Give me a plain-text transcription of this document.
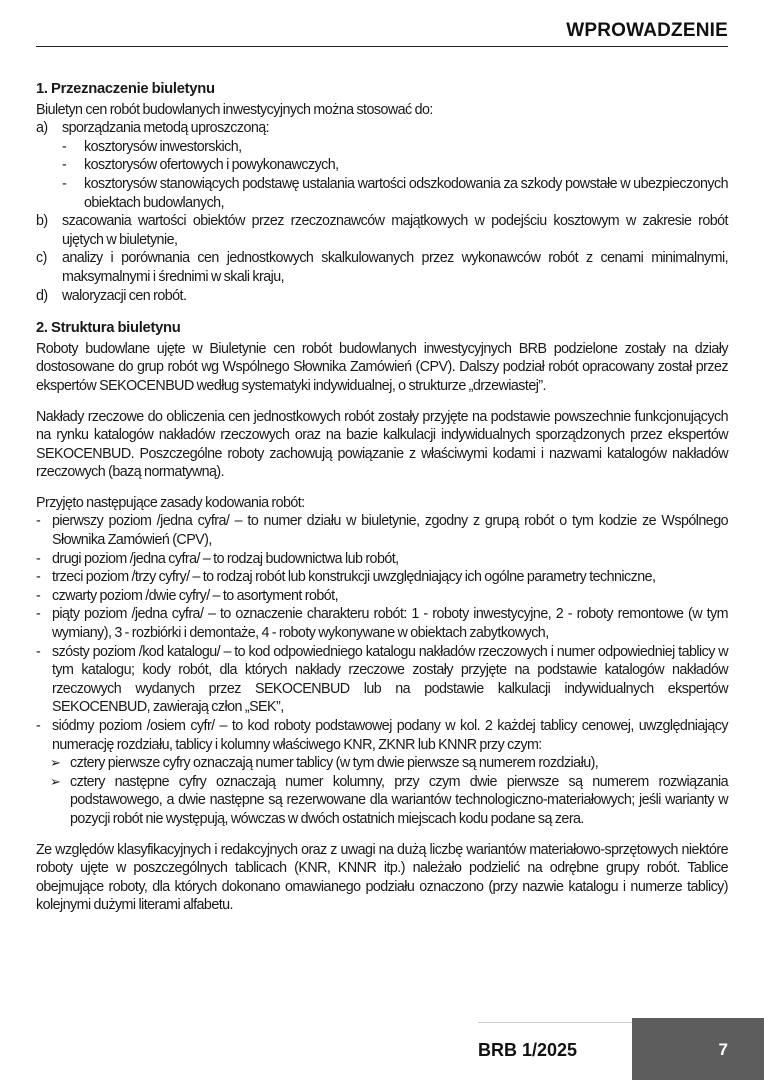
WPROWADZENIE
1. Przeznaczenie biuletynu

Biuletyn cen robót budowlanych inwestycyjnych można stosować do:

a) sporządzania metodą uproszczoną:
- kosztorysów inwestorskich,
- kosztorysów ofertowych i powykonawczych,
- kosztorysów stanowiących podstawę ustalania wartości odszkodowania za szkody powstałe w ubezpieczonych obiektach budowlanych,
b) szacowania wartości obiektów przez rzeczoznawców majątkowych w podejściu kosztowym w zakresie robót ujętych w biuletynie,
c) analizy i porównania cen jednostkowych skalkulowanych przez wykonawców robót z cenami minimalnymi, maksymalnymi i średnimi w skali kraju,
d) waloryzacji cen robót.
2. Struktura biuletynu

Roboty budowlane ujęte w Biuletynie cen robót budowlanych inwestycyjnych BRB podzielone zostały na działy dostosowane do grup robót wg Wspólnego Słownika Zamówień (CPV). Dalszy podział robót opracowany został przez ekspertów SEKOCENBUD według systematyki indywidualnej, o strukturze „drzewiastej”.

Nakłady rzeczowe do obliczenia cen jednostkowych robót zostały przyjęte na podstawie powszechnie funkcjonujących na rynku katalogów nakładów rzeczowych oraz na bazie kalkulacji indywidualnych sporządzonych przez ekspertów SEKOCENBUD. Poszczególne roboty zachowują powiązanie z właściwymi kodami i nazwami katalogów nakładów rzeczowych (bazą normatywną).

Przyjęto następujące zasady kodowania robót:

- pierwszy poziom /jedna cyfra/ – to numer działu w biuletynie, zgodny z grupą robót o tym kodzie ze Wspólnego Słownika Zamówień (CPV),
- drugi poziom /jedna cyfra/ – to rodzaj budownictwa lub robót,
- trzeci poziom /trzy cyfry/ – to rodzaj robót lub konstrukcji uwzględniający ich ogólne parametry techniczne,
- czwarty poziom /dwie cyfry/ – to asortyment robót,
- piąty poziom /jedna cyfra/ – to oznaczenie charakteru robót: 1 - roboty inwestycyjne, 2 - roboty remontowe (w tym wymiany), 3 - rozbiórki i demontaże, 4 - roboty wykonywane w obiektach zabytkowych,
- szósty poziom /kod katalogu/ – to kod odpowiedniego katalogu nakładów rzeczowych i numer odpowiedniej tablicy w tym katalogu; kody robót, dla których nakłady rzeczowe zostały przyjęte na podstawie katalogów nakładów rzeczowych wydanych przez SEKOCENBUD lub na podstawie kalkulacji indywidualnych ekspertów SEKOCENBUD, zawierają człon „SEK”,
- siódmy poziom /osiem cyfr/ – to kod roboty podstawowej podany w kol. 2 każdej tablicy cenowej, uwzględniający numerację rozdziału, tablicy i kolumny właściwego KNR, ZKNR lub KNNR przy czym:
➢ cztery pierwsze cyfry oznaczają numer tablicy (w tym dwie pierwsze są numerem rozdziału),
➢ cztery następne cyfry oznaczają numer kolumny, przy czym dwie pierwsze są numerem rozwiązania podstawowego, a dwie następne są rezerwowane dla wariantów technologiczno-materiałowych; jeśli warianty w pozycji robót nie występują, wówczas w dwóch ostatnich miejscach kodu podane są zera.

Ze względów klasyfikacyjnych i redakcyjnych oraz z uwagi na dużą liczbę wariantów materiałowo-sprzętowych niektóre roboty ujęte w poszczególnych tablicach (KNR, KNNR itp.) należało podzielić na odrębne grupy robót. Tablice obejmujące roboty, dla których dokonano omawianego podziału oznaczono (przy nazwie katalogu i numerze tablicy) kolejnymi dużymi literami alfabetu.

BRB 1/2025	7
